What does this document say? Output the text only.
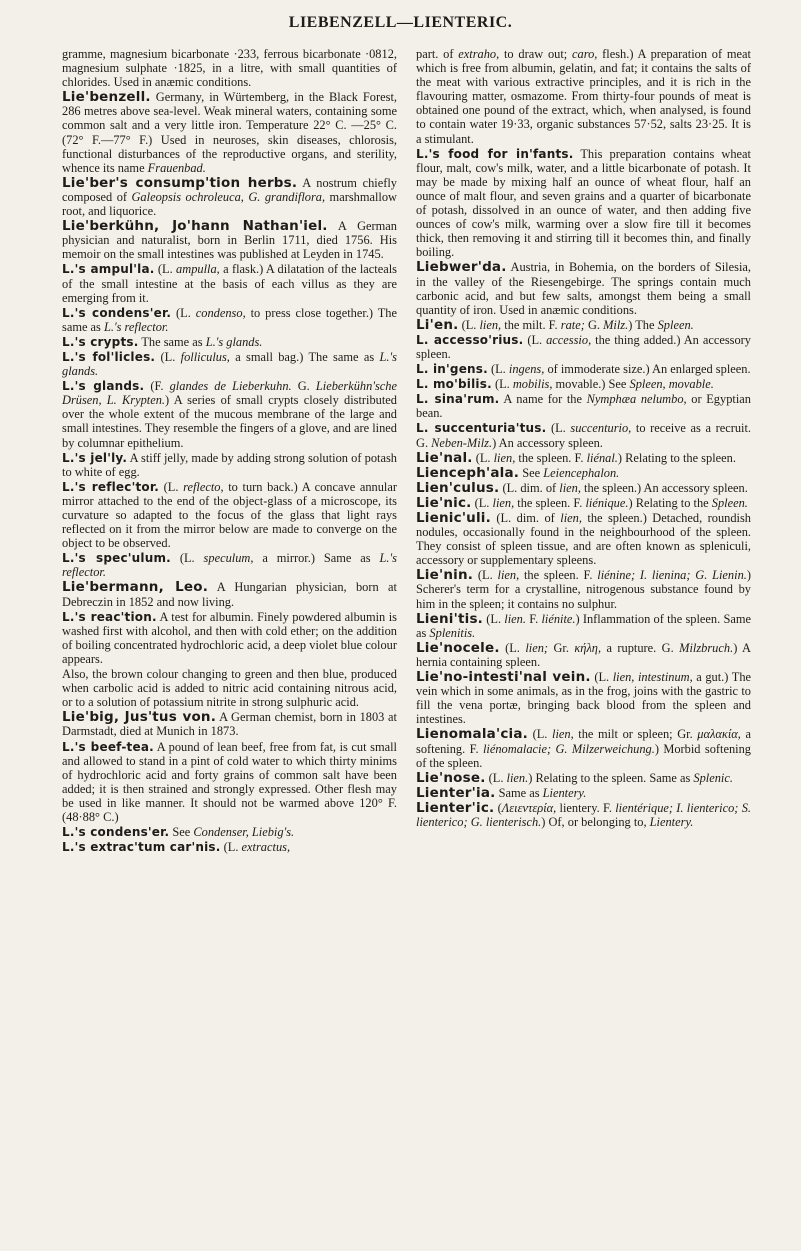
LIEBENZELL—LIENTERIC.

gramme, magnesium bicarbonate ·233, ferrous bicarbonate ·0812, magnesium sulphate ·1825, in a litre, with small quantities of chlorides. Used in anæmic conditions.

Lie'benzell. Germany, in Würtemberg, in the Black Forest, 286 metres above sea-level. Weak mineral waters, containing some common salt and a very little iron. Temperature 22° C. —25° C. (72° F.—77° F.) Used in neuroses, skin diseases, chlorosis, functional disturbances of the reproductive organs, and sterility, whence its name Frauenbad.

Lie'ber's consump'tion herbs. A nostrum chiefly composed of Galeopsis ochroleuca, G. grandiflora, marshmallow root, and liquorice.

Lie'berkühn, Jo'hann Nathan'iel. A German physician and naturalist, born in Berlin 1711, died 1756. His memoir on the small intestines was published at Leyden in 1745.

L.'s ampul'la. (L. ampulla, a flask.) A dilatation of the lacteals of the small intestine at the basis of each villus as they are emerging from it.

L.'s condens'er. (L. condenso, to press close together.) The same as L.'s reflector.

L.'s crypts. The same as L.'s glands.

L.'s fol'licles. (L. folliculus, a small bag.) The same as L.'s glands.

L.'s glands. (F. glandes de Lieberkuhn. G. Lieberkühn'sche Drüsen, L. Krypten.) A series of small crypts closely distributed over the whole extent of the mucous membrane of the large and small intestines. They resemble the fingers of a glove, and are lined by columnar epithelium.

L.'s jel'ly. A stiff jelly, made by adding strong solution of potash to white of egg.

L.'s reflec'tor. (L. reflecto, to turn back.) A concave annular mirror attached to the end of the object-glass of a microscope, its curvature so adapted to the focus of the glass that light rays reflected on it from the mirror below are made to converge on the object to be observed.

L.'s spec'ulum. (L. speculum, a mirror.) Same as L.'s reflector.

Lie'bermann, Leo. A Hungarian physician, born at Debreczin in 1852 and now living.

L.'s reac'tion. A test for albumin. Finely powdered albumin is washed first with alcohol, and then with cold ether; on the addition of boiling concentrated hydrochloric acid, a deep violet blue colour appears.

Also, the brown colour changing to green and then blue, produced when carbolic acid is added to nitric acid containing nitrous acid, or to a solution of potassium nitrite in strong sulphuric acid.

Lie'big, Jus'tus von. A German chemist, born in 1803 at Darmstadt, died at Munich in 1873.

L.'s beef-tea. A pound of lean beef, free from fat, is cut small and allowed to stand in a pint of cold water to which thirty minims of hydrochloric acid and forty grains of common salt have been added; it is then strained and strongly expressed. Other flesh may be used in like manner. It should not be warmed above 120° F. (48·88° C.)

L.'s condens'er. See Condenser, Liebig's.

L.'s extrac'tum car'nis. (L. extractus,

part. of extraho, to draw out; caro, flesh.) A preparation of meat which is free from albumin, gelatin, and fat; it contains the salts of the meat with various extractive principles, and it is rich in the flavouring matter, osmazome. From thirty-four pounds of meat is obtained one pound of the extract, which, when analysed, is found to contain water 19·33, organic substances 57·52, salts 23·25. It is a stimulant.

L.'s food for in'fants. This preparation contains wheat flour, malt, cow's milk, water, and a little bicarbonate of potash. It may be made by mixing half an ounce of wheat flour, half an ounce of malt flour, and seven grains and a quarter of bicarbonate of potash, dissolved in an ounce of water, and then adding five ounces of cow's milk, warming over a slow fire till it becomes thick, then removing it and stirring till it becomes thin, and finally boiling.

Liebwer'da. Austria, in Bohemia, on the borders of Silesia, in the valley of the Riesengebirge. The springs contain much carbonic acid, and but few salts, amongst them being a small quantity of iron. Used in anæmic conditions.

Li'en. (L. lien, the milt. F. rate; G. Milz.) The Spleen.

L. accesso'rius. (L. accessio, the thing added.) An accessory spleen.

L. in'gens. (L. ingens, of immoderate size.) An enlarged spleen.

L. mo'bilis. (L. mobilis, movable.) See Spleen, movable.

L. sina'rum. A name for the Nymphæa nelumbo, or Egyptian bean.

L. succenturia'tus. (L. succenturio, to receive as a recruit. G. Neben-Milz.) An accessory spleen.

Lie'nal. (L. lien, the spleen. F. liénal.) Relating to the spleen.

Lienceph'ala. See Leiencephalon.

Lien'culus. (L. dim. of lien, the spleen.) An accessory spleen.

Lie'nic. (L. lien, the spleen. F. liénique.) Relating to the Spleen.

Lienic'uli. (L. dim. of lien, the spleen.) Detached, roundish nodules, occasionally found in the neighbourhood of the spleen. They consist of spleen tissue, and are often known as spleniculi, accessory or supplementary spleens.

Lie'nin. (L. lien, the spleen. F. liénine; I. lienina; G. Lienin.) Scherer's term for a crystalline, nitrogenous substance found by him in the spleen; it contains no sulphur.

Lieni'tis. (L. lien. F. liénite.) Inflammation of the spleen. Same as Splenitis.

Lie'nocele. (L. lien; Gr. κήλη, a rupture. G. Milzbruch.) A hernia containing spleen.

Lie'no-intesti'nal vein. (L. lien, intestinum, a gut.) The vein which in some animals, as in the frog, joins with the gastric to fill the vena portæ, bringing back blood from the spleen and intestines.

Lienomala'cia. (L. lien, the milt or spleen; Gr. μαλακία, a softening. F. liénomalacie; G. Milzerweichung.) Morbid softening of the spleen.

Lie'nose. (L. lien.) Relating to the spleen. Same as Splenic.

Lienter'ia. Same as Lientery.

Lienter'ic. (Λειεντερία, lientery. F. lientérique; I. lienterico; S. lienterico; G. lienterisch.) Of, or belonging to, Lientery.
